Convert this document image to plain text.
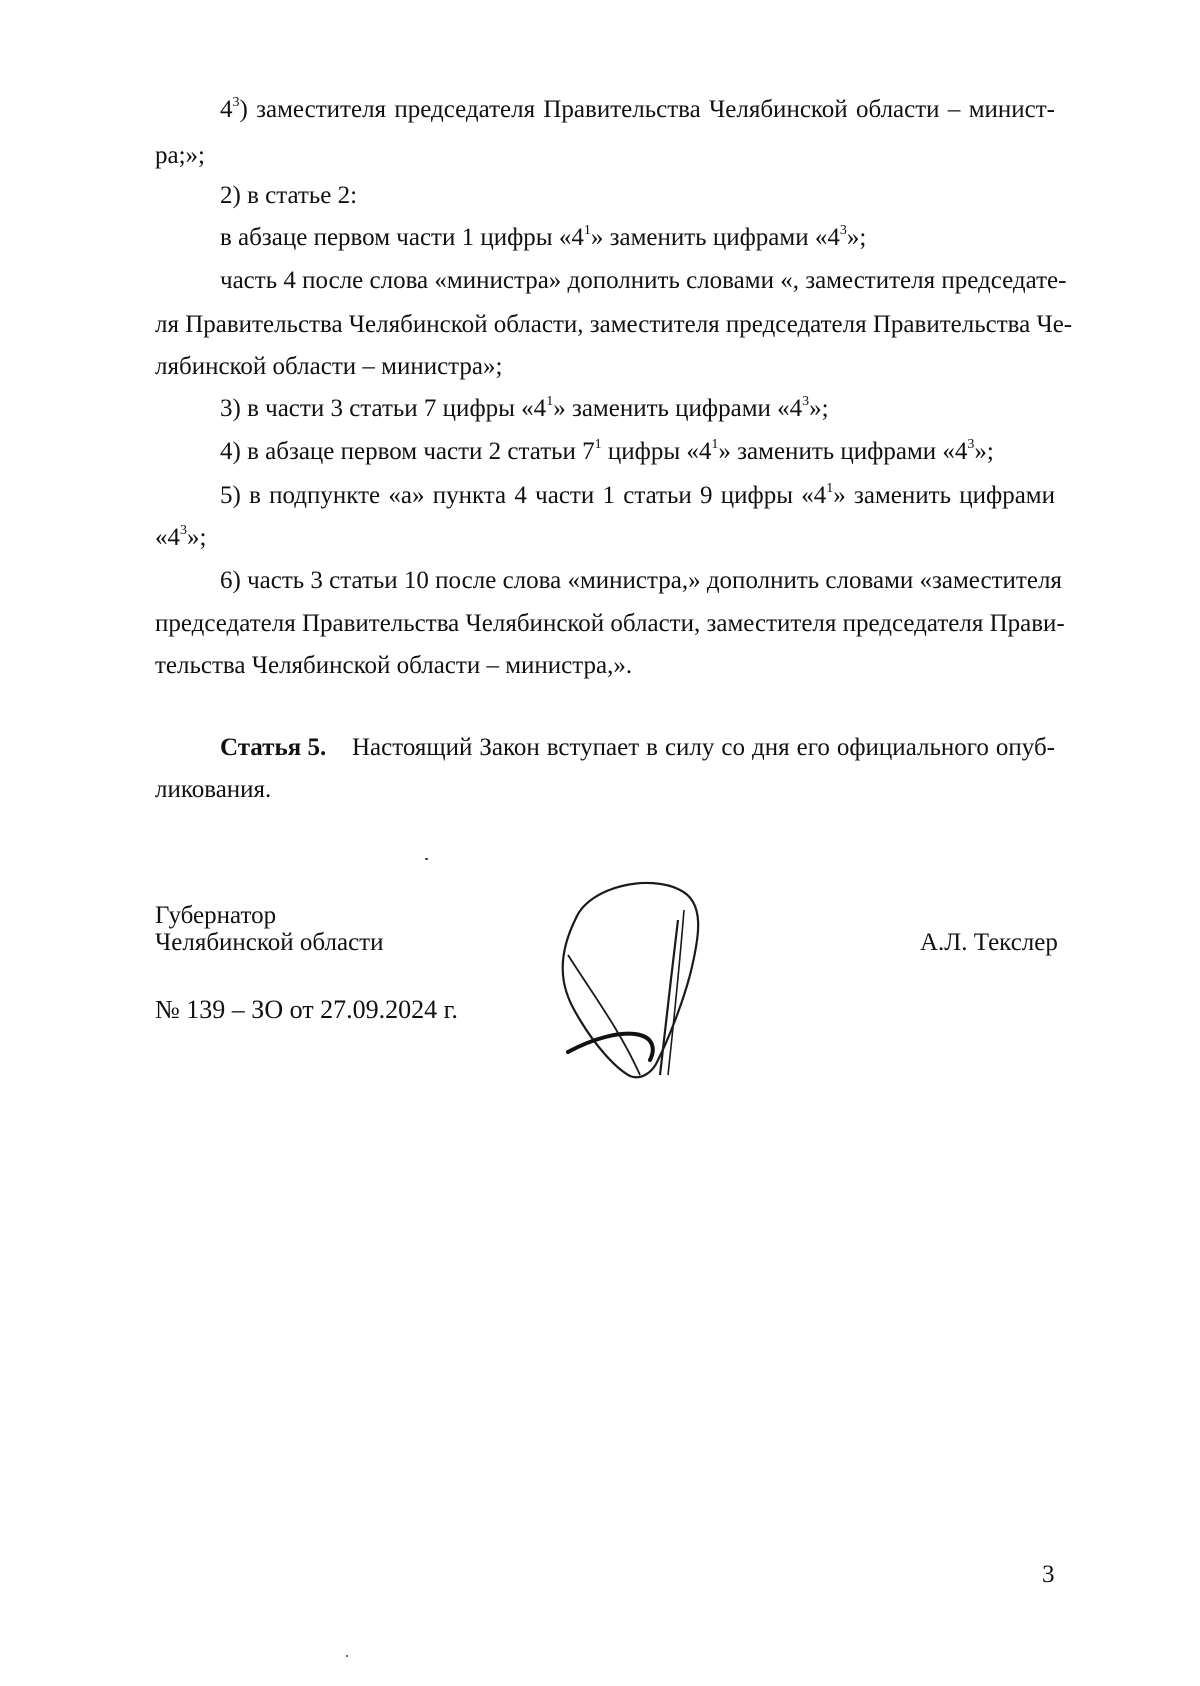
$4^3$) заместителя председателя Правительства Челябинской области – минист-
ра;»;
2) в статье 2:
в абзаце первом части 1 цифры «$4^1$» заменить цифрами «$4^3$»;
часть 4 после слова «министра» дополнить словами «, заместителя председате-
ля Правительства Челябинской области, заместителя председателя Правительства Че-
лябинской области – министра»;
3) в части 3 статьи 7 цифры «$4^1$» заменить цифрами «$4^3$»;
4) в абзаце первом части 2 статьи $7^1$ цифры «$4^1$» заменить цифрами «$4^3$»;
5) в подпункте «а» пункта 4 части 1 статьи 9 цифры «$4^1$» заменить цифрами
«$4^3$»;
6) часть 3 статьи 10 после слова «министра,» дополнить словами «заместителя
председателя Правительства Челябинской области, заместителя председателя Прави-
тельства Челябинской области – министра,».
Статья 5. Настоящий Закон вступает в силу со дня его официального опуб-
ликования.
Губернатор
Челябинской области	А.Л. Текслер
№ 139 – ЗО от 27.09.2024 г.
3
